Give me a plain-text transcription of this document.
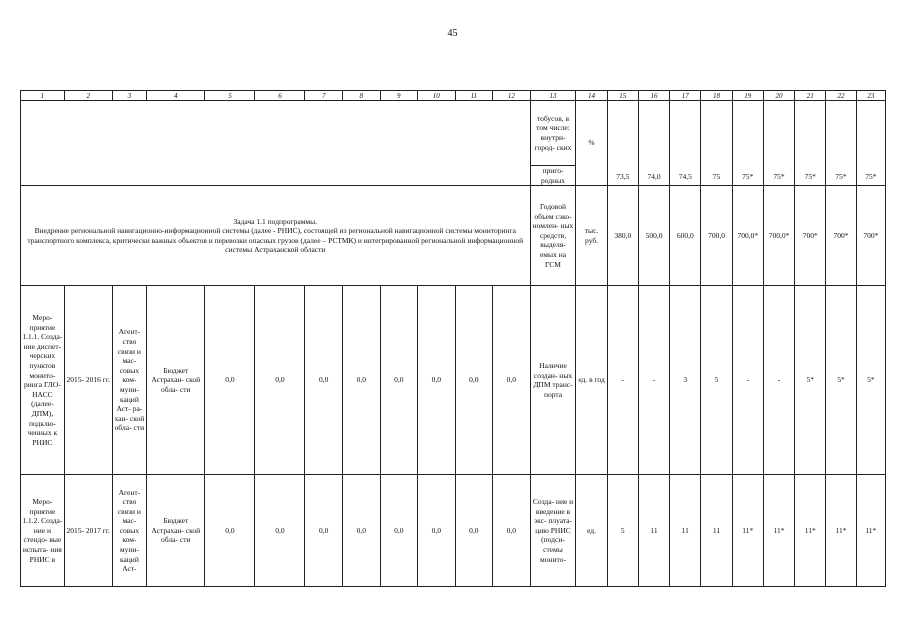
45
1	2	3	4	5	6	7	8	9	10	11	12	13	14	15	16	17	18	19	20	21	22	23
												тобусов, в том числе: внутри- город- ских	%	73,5	74,0	74,5	75	75*	75*	75*	75*	75*
												приго- родных										

Задача 1.1 подпрограммы.
Внедрение региональной навигационно-информационной системы (далее - РНИС), состоящей из региональной навигационной системы мониторинга транспортного комплекса, критически важных объектов и перевозки опасных грузов (далее – РСТМК) и интегрированной региональной информационной системы Астраханской области												Годовой объем сэко- номлен- ных средств, выделя- емых на ГСМ	тыс. руб.	380,0	500,0	600,0	700,0	700,0*	700,0*	700*	700*	700*
Меро- приятие 1.1.1. Созда- ние диспет- черских пунктов монито- ринга ГЛО- НАСС (далее- ДПМ), подклю- ченных к РНИС	2015- 2016 гг.	Агент- ство связи и мас- совых ком- муни- каций Аст- ра- хан- ской обла- сти	Бюджет Астрахан- ской обла- сти	0,0	0,0	0,0	0,0	0,0	0,0	0,0	0,0	Наличие создан- ных ДПМ транс- порта	ед. в год	-	-	3	5	-	-	5*	5*	5*
Меро- приятие 1.1.2. Созда- ние и стендо- вые испыта- ния РНИС в	2015- 2017 гг.	Агент- ство связи и мас- совых ком- муни- каций Аст-	Бюджет Астрахан- ской обла- сти	0,0	0,0	0,0	0,0	0,0	0,0	0,0	0,0	Созда- ние и введение в экс- плуата- цию РНИС (подси- стемы монито-	ед.	5	11	11	11	11*	11*	11*	11*	11*
